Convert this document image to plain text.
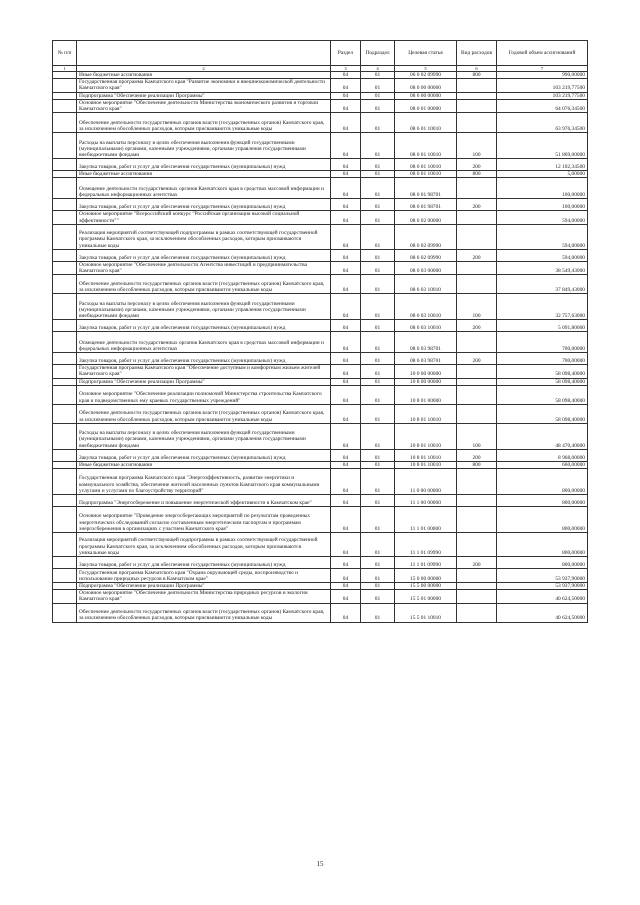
№ п/п		Раздел	Подраздел	Целевая статья	Вид расходов	Годовой объем ассигнований
1	2	3	4	5	6	7
	Иные бюджетные ассигнования	04	01	06 6 02 09990	800	990,00000
	Государственная программа Камчатского края "Развитие экономики и внешнеэкономической деятельности Камчатского края"	04	01	08 0 00 00000		103 219,77500
	Подпрограмма "Обеспечение реализации Программы"	04	01	08 6 00 00000		103 219,77500
	Основное мероприятие "Обеспечение деятельности Министерства экономического развития и торговли Камчатского края"	04	01	08 6 01 00000		64 076,34500
	Обеспечение деятельности государственных органов власти (государственных органов) Камчатского края, за исключением обособленных расходов, которым присваиваются уникальные коды	04	01	08 6 01 10010		63 976,34500
	Расходы на выплаты персоналу в целях обеспечения выполнения функций государственными (муниципальными) органами, казенными учреждениями, органами управления государственными внебюджетными фондами	04	01	08 6 01 10010	100	51 869,00000
	Закупка товаров, работ и услуг для обеспечения государственных (муниципальных) нужд	04	01	08 6 01 10010	200	12 102,34500
	Иные бюджетные ассигнования	04	01	08 6 01 10010	800	5,00000
	Освещение деятельности государственных органов Камчатского края в средствах массовой информации и федеральных информационных агентствах	04	01	08 6 01 98701		100,00000
	Закупка товаров, работ и услуг для обеспечения государственных (муниципальных) нужд	04	01	08 6 01 98701	200	100,00000
	Основное мероприятие "Всероссийский конкурс "Российская организация высокой социальной эффективности""	04	01	08 6 02 00000		594,00000
	Реализация мероприятий соответствующей подпрограммы в рамках соответствующей государственной программы Камчатского края, за исключением обособленных расходов, которым присваиваются уникальные коды	04	01	08 6 02 09990		594,00000
	Закупка товаров, работ и услуг для обеспечения государственных (муниципальных) нужд	04	01	08 6 02 09990	200	594,00000
	Основное мероприятие "Обеспечение деятельности Агентства инвестиций и предпринимательства Камчатского края"	04	01	08 6 03 00000		38 549,43000
	Обеспечение деятельности государственных органов власти (государственных органов) Камчатского края, за исключением обособленных расходов, которым присваиваются уникальные коды	04	01	08 6 03 10010		37 849,43000
	Расходы на выплаты персоналу в целях обеспечения выполнения функций государственными (муниципальными) органами, казенными учреждениями, органами управления государственными внебюджетными фондами	04	01	08 6 03 10010	100	32 757,63000
	Закупка товаров, работ и услуг для обеспечения государственных (муниципальных) нужд	04	01	08 6 03 10010	200	5 091,80000
	Освещение деятельности государственных органов Камчатского края в средствах массовой информации и федеральных информационных агентствах	04	01	08 6 03 98701		700,00000
	Закупка товаров, работ и услуг для обеспечения государственных (муниципальных) нужд	04	01	08 6 03 98701	200	700,00000
	Государственная программа Камчатского края "Обеспечение доступным и комфортным жильем жителей Камчатского края"	04	01	10 0 00 00000		58 098,40000
	Подпрограмма "Обеспечение реализации Программы"	04	01	10 8 00 00000		58 098,40000
	Основное мероприятие "Обеспечение реализации полномочий Министерства строительства Камчатского края и подведомственных ему краевых государственных учреждений"	04	01	10 8 01 00000		58 098,40000
	Обеспечение деятельности государственных органов власти (государственных органов) Камчатского края, за исключением обособленных расходов, которым присваиваются уникальные коды	04	01	10 8 01 10010		58 098,40000
	Расходы на выплаты персоналу в целях обеспечения выполнения функций государственными (муниципальными) органами, казенными учреждениями, органами управления государственными внебюджетными фондами	04	01	10 8 01 10010	100	48 470,40000
	Закупка товаров, работ и услуг для обеспечения государственных (муниципальных) нужд	04	01	10 8 01 10010	200	8 968,00000
	Иные бюджетные ассигнования	04	01	10 8 01 10010	800	660,00000
	Государственная программа Камчатского края "Энергоэффективность, развитие энергетики и коммунального хозяйства, обеспечение жителей населенных пунктов Камчатского края коммунальными услугами и услугами по благоустройству территорий"	04	01	11 0 00 00000		800,00000
	Подпрограмма "Энергосбережение и повышение энергетической эффективности в Камчатском крае"	04	01	11 1 00 00000		800,00000
	Основное мероприятие "Проведение энергосберегающих мероприятий по результатам проведенных энергетических обследований согласно составленным энергетическим паспортам и программам энергосбережения в организациях с участием Камчатского края"	04	01	11 1 01 00000		800,00000
	Реализация мероприятий соответствующей подпрограммы в рамках соответствующей государственной программы Камчатского края, за исключением обособленных расходов, которым присваиваются уникальные коды	04	01	11 1 01 09990		800,00000
	Закупка товаров, работ и услуг для обеспечения государственных (муниципальных) нужд	04	01	11 1 01 09990	200	800,00000
	Государственная программа Камчатского края "Охрана окружающей среды, воспроизводство и использование природных ресурсов в Камчатском крае"	04	01	15 0 00 00000		53 937,90000
	Подпрограмма "Обеспечение реализации Программы"	04	01	15 5 00 00000		53 937,90000
	Основное мероприятие "Обеспечение деятельности Министерства природных ресурсов и экологии Камчатского края"	04	01	15 5 01 00000		40 624,50000
	Обеспечение деятельности государственных органов власти (государственных органов) Камчатского края, за исключением обособленных расходов, которым присваиваются уникальные коды	04	01	15 5 01 10010		40 624,50000
15
